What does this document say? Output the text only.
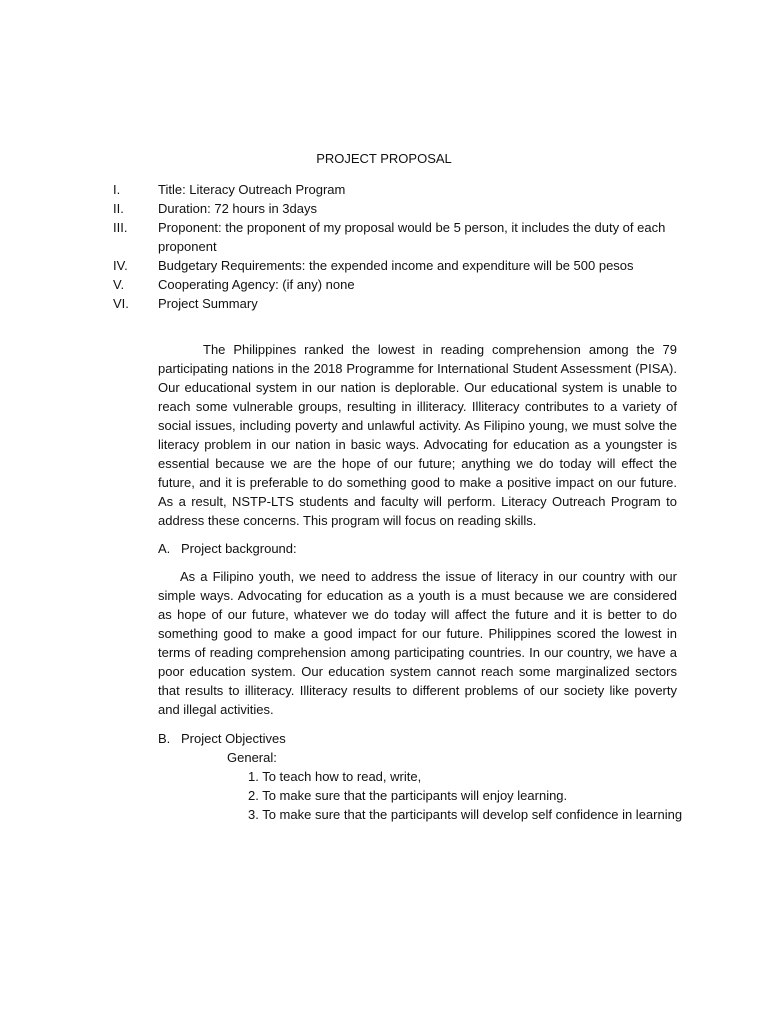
PROJECT PROPOSAL
I.	Title: Literacy Outreach Program
II.	Duration: 72 hours in 3days
III.	Proponent: the proponent of my proposal would be 5 person, it includes the duty of each proponent
IV.	Budgetary Requirements: the expended income and expenditure will be 500 pesos
V.	Cooperating Agency: (if any) none
VI.	Project Summary

The Philippines ranked the lowest in reading comprehension among the 79 participating nations in the 2018 Programme for International Student Assessment (PISA). Our educational system in our nation is deplorable. Our educational system is unable to reach some vulnerable groups, resulting in illiteracy. Illiteracy contributes to a variety of social issues, including poverty and unlawful activity. As Filipino young, we must solve the literacy problem in our nation in basic ways. Advocating for education as a youngster is essential because we are the hope of our future; anything we do today will effect the future, and it is preferable to do something good to make a positive impact on our future. As a result, NSTP-LTS students and faculty will perform. Literacy Outreach Program to address these concerns. This program will focus on reading skills.

A. Project background:

As a Filipino youth, we need to address the issue of literacy in our country with our simple ways. Advocating for education as a youth is a must because we are considered as hope of our future, whatever we do today will affect the future and it is better to do something good to make a good impact for our future. Philippines scored the lowest in terms of reading comprehension among participating countries. In our country, we have a poor education system. Our education system cannot reach some marginalized sectors that results to illiteracy. Illiteracy results to different problems of our society like poverty and illegal activities.

B. Project Objectives
General:
1. To teach how to read, write,
2. To make sure that the participants will enjoy learning.
3. To make sure that the participants will develop self confidence in learning
